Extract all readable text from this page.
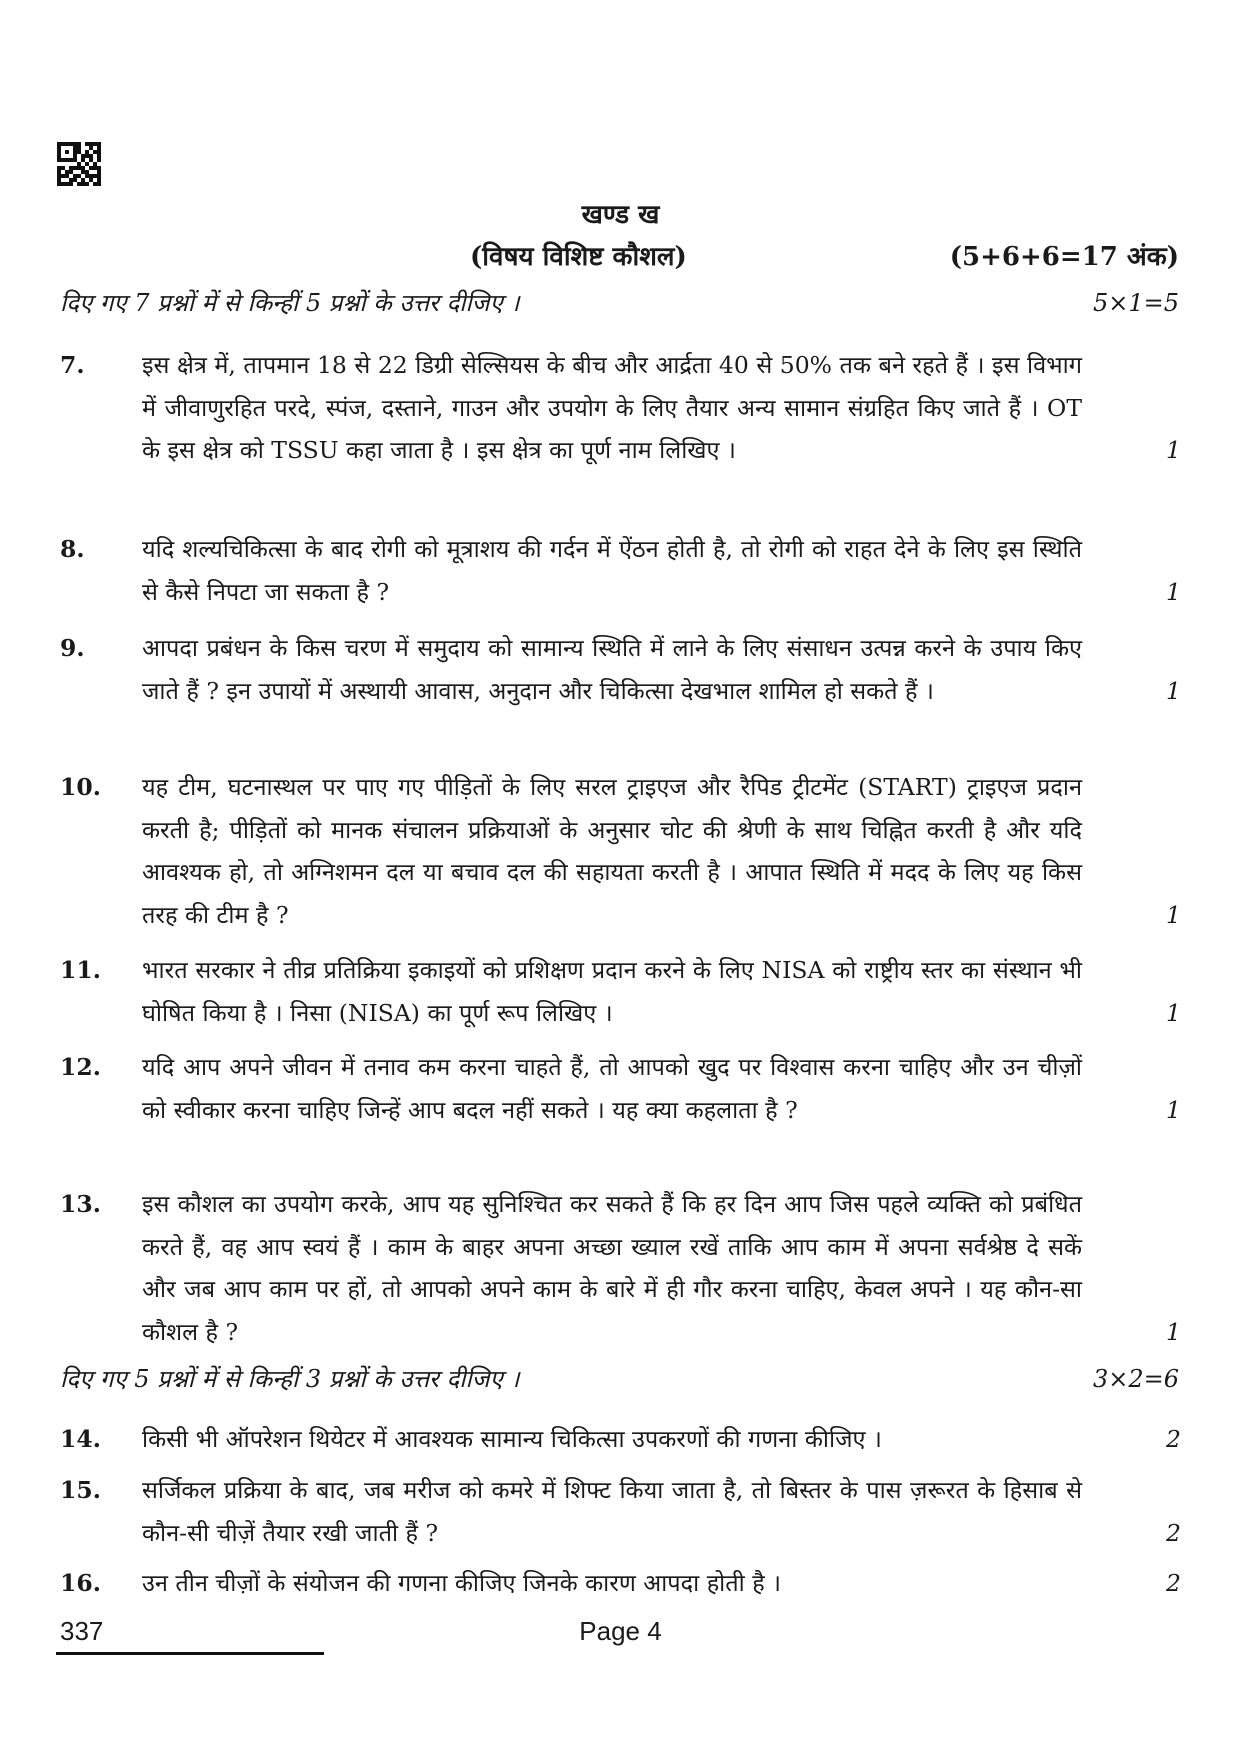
खण्ड ख
(विषय विशिष्ट कौशल)	(5+6+6=17 अंक)
दिए गए 7 प्रश्नों में से किन्हीं 5 प्रश्नों के उत्तर दीजिए ।	5×1=5
7.	इस क्षेत्र में, तापमान 18 से 22 डिग्री सेल्सियस के बीच और आर्द्रता 40 से 50% तक बने रहते हैं । इस विभाग में जीवाणुरहित परदे, स्पंज, दस्ताने, गाउन और उपयोग के लिए तैयार अन्य सामान संग्रहित किए जाते हैं । OT के इस क्षेत्र को TSSU कहा जाता है । इस क्षेत्र का पूर्ण नाम लिखिए ।	1
8.	यदि शल्यचिकित्सा के बाद रोगी को मूत्राशय की गर्दन में ऐंठन होती है, तो रोगी को राहत देने के लिए इस स्थिति से कैसे निपटा जा सकता है ?	1
9.	आपदा प्रबंधन के किस चरण में समुदाय को सामान्य स्थिति में लाने के लिए संसाधन उत्पन्न करने के उपाय किए जाते हैं ? इन उपायों में अस्थायी आवास, अनुदान और चिकित्सा देखभाल शामिल हो सकते हैं ।	1
10.	यह टीम, घटनास्थल पर पाए गए पीड़ितों के लिए सरल ट्राइएज और रैपिड ट्रीटमेंट (START) ट्राइएज प्रदान करती है; पीड़ितों को मानक संचालन प्रक्रियाओं के अनुसार चोट की श्रेणी के साथ चिह्नित करती है और यदि आवश्यक हो, तो अग्निशमन दल या बचाव दल की सहायता करती है । आपात स्थिति में मदद के लिए यह किस तरह की टीम है ?	1
11.	भारत सरकार ने तीव्र प्रतिक्रिया इकाइयों को प्रशिक्षण प्रदान करने के लिए NISA को राष्ट्रीय स्तर का संस्थान भी घोषित किया है । निसा (NISA) का पूर्ण रूप लिखिए ।	1
12.	यदि आप अपने जीवन में तनाव कम करना चाहते हैं, तो आपको खुद पर विश्वास करना चाहिए और उन चीज़ों को स्वीकार करना चाहिए जिन्हें आप बदल नहीं सकते । यह क्या कहलाता है ?	1
13.	इस कौशल का उपयोग करके, आप यह सुनिश्चित कर सकते हैं कि हर दिन आप जिस पहले व्यक्ति को प्रबंधित करते हैं, वह आप स्वयं हैं । काम के बाहर अपना अच्छा ख्याल रखें ताकि आप काम में अपना सर्वश्रेष्ठ दे सकें और जब आप काम पर हों, तो आपको अपने काम के बारे में ही गौर करना चाहिए, केवल अपने । यह कौन-सा कौशल है ?	1
दिए गए 5 प्रश्नों में से किन्हीं 3 प्रश्नों के उत्तर दीजिए ।	3×2=6
14.	किसी भी ऑपरेशन थियेटर में आवश्यक सामान्य चिकित्सा उपकरणों की गणना कीजिए ।	2
15.	सर्जिकल प्रक्रिया के बाद, जब मरीज को कमरे में शिफ्ट किया जाता है, तो बिस्तर के पास ज़रूरत के हिसाब से कौन-सी चीज़ें तैयार रखी जाती हैं ?	2
16.	उन तीन चीज़ों के संयोजन की गणना कीजिए जिनके कारण आपदा होती है ।	2
337	Page 4
